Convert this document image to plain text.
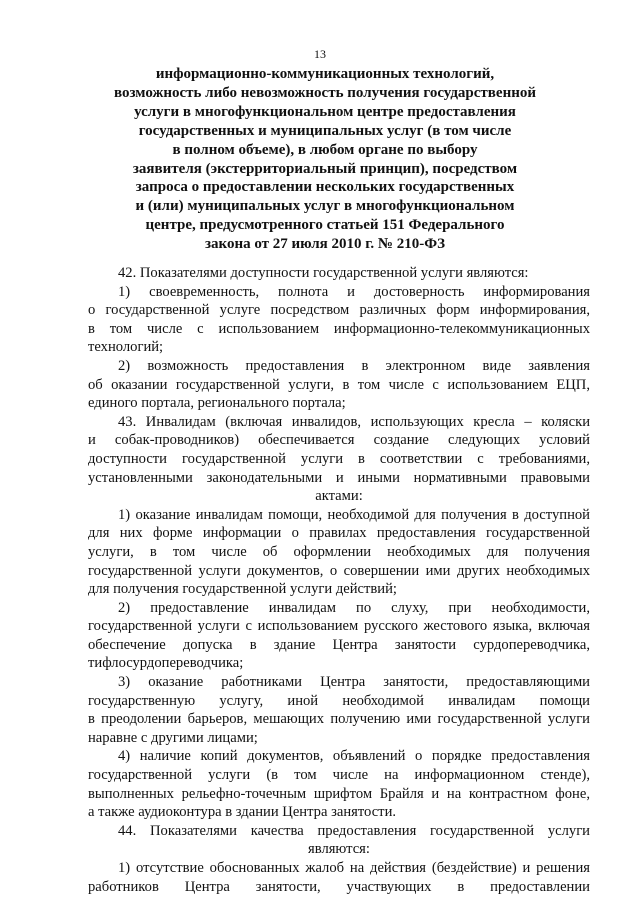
13
информационно-коммуникационных технологий,
возможность либо невозможность получения государственной
услуги в многофункциональном центре предоставления
государственных и муниципальных услуг (в том числе
в полном объеме), в любом органе по выбору
заявителя (экстерриториальный принцип), посредством
запроса о предоставлении нескольких государственных
и (или) муниципальных услуг в многофункциональном
центре, предусмотренного статьей 151 Федерального
закона от 27 июля 2010 г. № 210-ФЗ
42. Показателями доступности государственной услуги являются:
1) своевременность, полнота и достоверность информирования
о государственной услуге посредством различных форм информирования,
в том числе с использованием информационно-телекоммуникационных
технологий;
2) возможность предоставления в электронном виде заявления
об оказании государственной услуги, в том числе с использованием ЕЦП,
единого портала, регионального портала;
43. Инвалидам (включая инвалидов, использующих кресла – коляски
и собак-проводников) обеспечивается создание следующих условий
доступности государственной услуги в соответствии с требованиями,
установленными законодательными и иными нормативными правовыми
актами:
1) оказание инвалидам помощи, необходимой для получения в доступной
для них форме информации о правилах предоставления государственной
услуги, в том числе об оформлении необходимых для получения
государственной услуги документов, о совершении ими других необходимых
для получения государственной услуги действий;
2) предоставление инвалидам по слуху, при необходимости,
государственной услуги с использованием русского жестового языка, включая
обеспечение допуска в здание Центра занятости сурдопереводчика,
тифлосурдопереводчика;
3) оказание работниками Центра занятости, предоставляющими
государственную услугу, иной необходимой инвалидам помощи
в преодолении барьеров, мешающих получению ими государственной услуги
наравне с другими лицами;
4) наличие копий документов, объявлений о порядке предоставления
государственной услуги (в том числе на информационном стенде),
выполненных рельефно-точечным шрифтом Брайля и на контрастном фоне,
а также аудиоконтура в здании Центра занятости.
44. Показателями качества предоставления государственной услуги
являются:
1) отсутствие обоснованных жалоб на действия (бездействие) и решения
работников Центра занятости, участвующих в предоставлении
